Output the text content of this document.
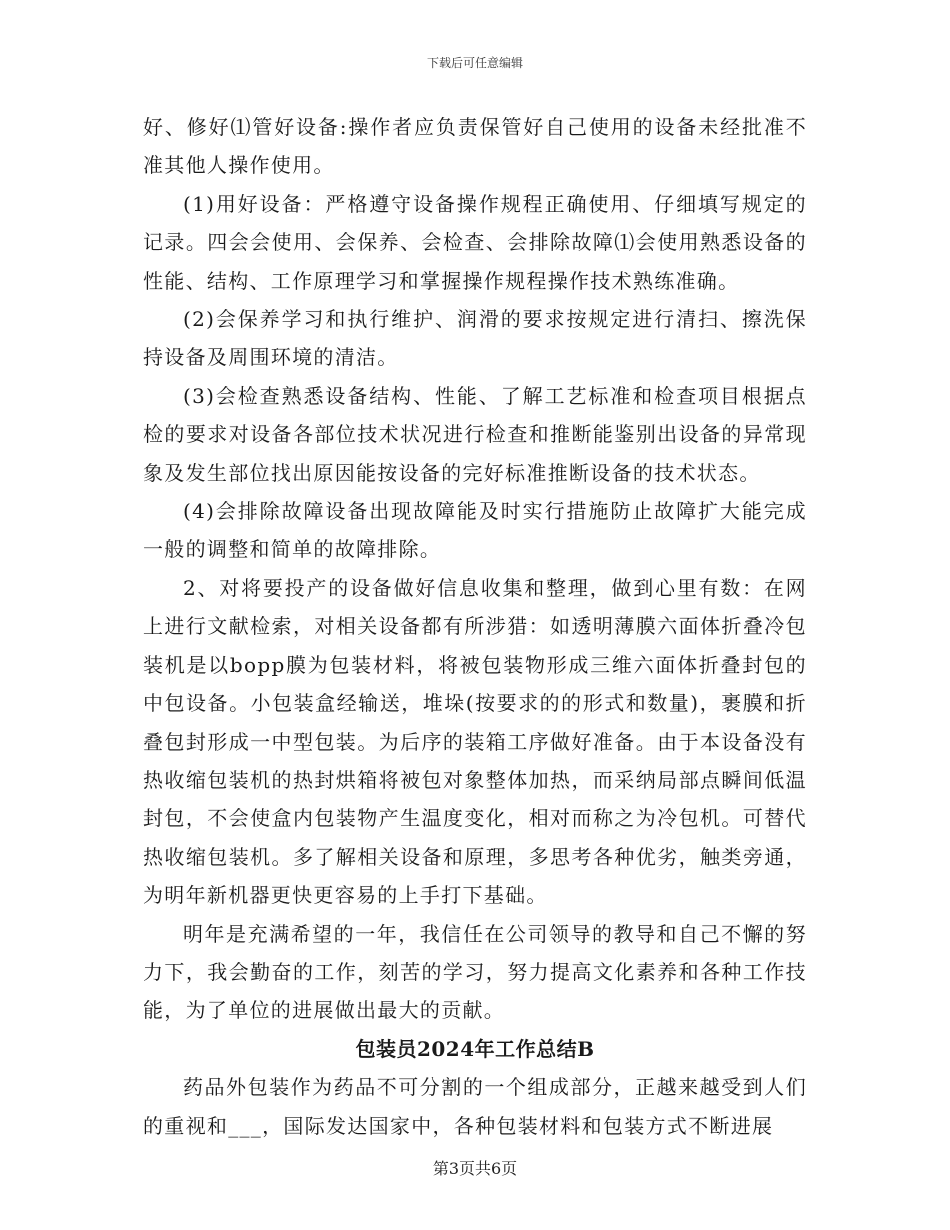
下载后可任意编辑

好、修好⑴管好设备:操作者应负责保管好自己使用的设备未经批准不准其他人操作使用。

(1)用好设备：严格遵守设备操作规程正确使用、仔细填写规定的记录。四会会使用、会保养、会检查、会排除故障⑴会使用熟悉设备的性能、结构、工作原理学习和掌握操作规程操作技术熟练准确。

(2)会保养学习和执行维护、润滑的要求按规定进行清扫、擦洗保持设备及周围环境的清洁。

(3)会检查熟悉设备结构、性能、了解工艺标准和检查项目根据点检的要求对设备各部位技术状况进行检查和推断能鉴别出设备的异常现象及发生部位找出原因能按设备的完好标准推断设备的技术状态。

(4)会排除故障设备出现故障能及时实行措施防止故障扩大能完成一般的调整和简单的故障排除。

2、对将要投产的设备做好信息收集和整理，做到心里有数：在网上进行文献检索，对相关设备都有所涉猎：如透明薄膜六面体折叠冷包装机是以bopp膜为包装材料，将被包装物形成三维六面体折叠封包的中包设备。小包装盒经输送，堆垛(按要求的的形式和数量)，裹膜和折叠包封形成一中型包装。为后序的装箱工序做好准备。由于本设备没有热收缩包装机的热封烘箱将被包对象整体加热，而采纳局部点瞬间低温封包，不会使盒内包装物产生温度变化，相对而称之为冷包机。可替代热收缩包装机。多了解相关设备和原理，多思考各种优劣，触类旁通，为明年新机器更快更容易的上手打下基础。

明年是充满希望的一年，我信任在公司领导的教导和自己不懈的努力下，我会勤奋的工作，刻苦的学习，努力提高文化素养和各种工作技能，为了单位的进展做出最大的贡献。

包装员2024年工作总结B

药品外包装作为药品不可分割的一个组成部分，正越来越受到人们的重视和___，国际发达国家中，各种包装材料和包装方式不断进展

第3页共6页
